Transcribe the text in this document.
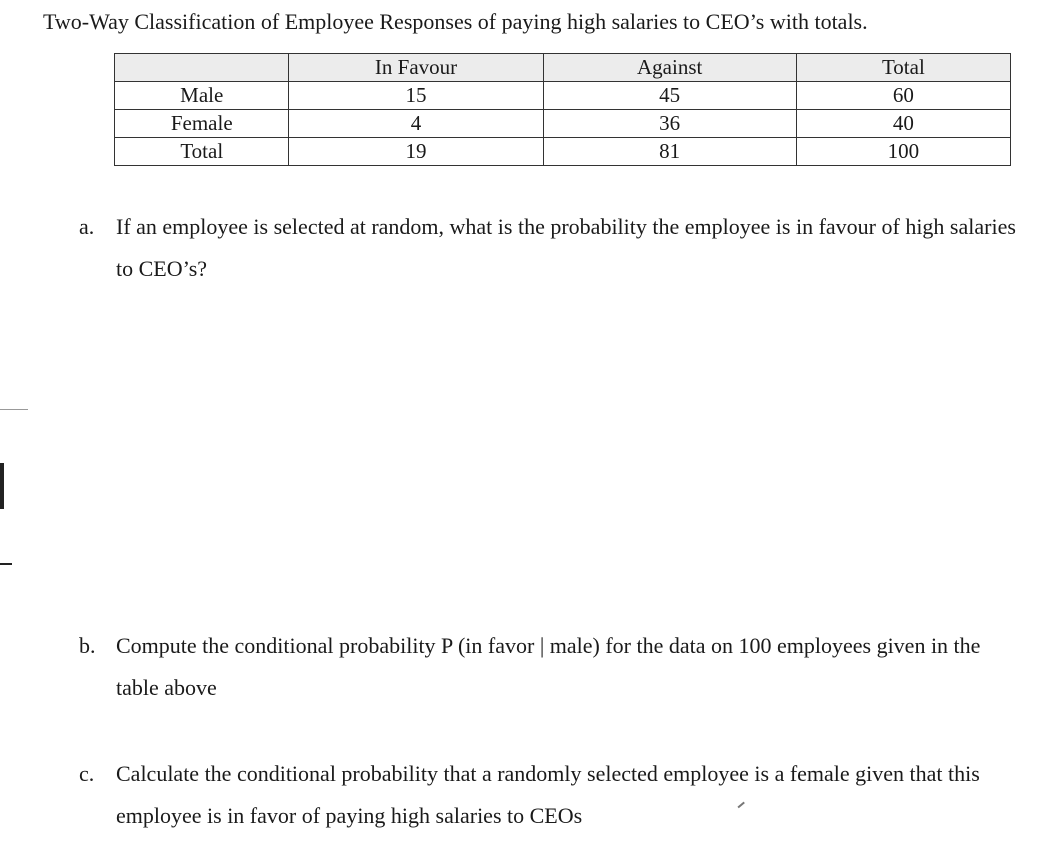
Two-Way Classification of Employee Responses of paying high salaries to CEO’s with totals.
	In Favour	Against	Total
Male	15	45	60
Female	4	36	40
Total	19	81	100
a. If an employee is selected at random, what is the probability the employee is in favour of high salaries to CEO’s?
b. Compute the conditional probability P (in favor | male) for the data on 100 employees given in the table above
c. Calculate the conditional probability that a randomly selected employee is a female given that this employee is in favor of paying high salaries to CEOs
